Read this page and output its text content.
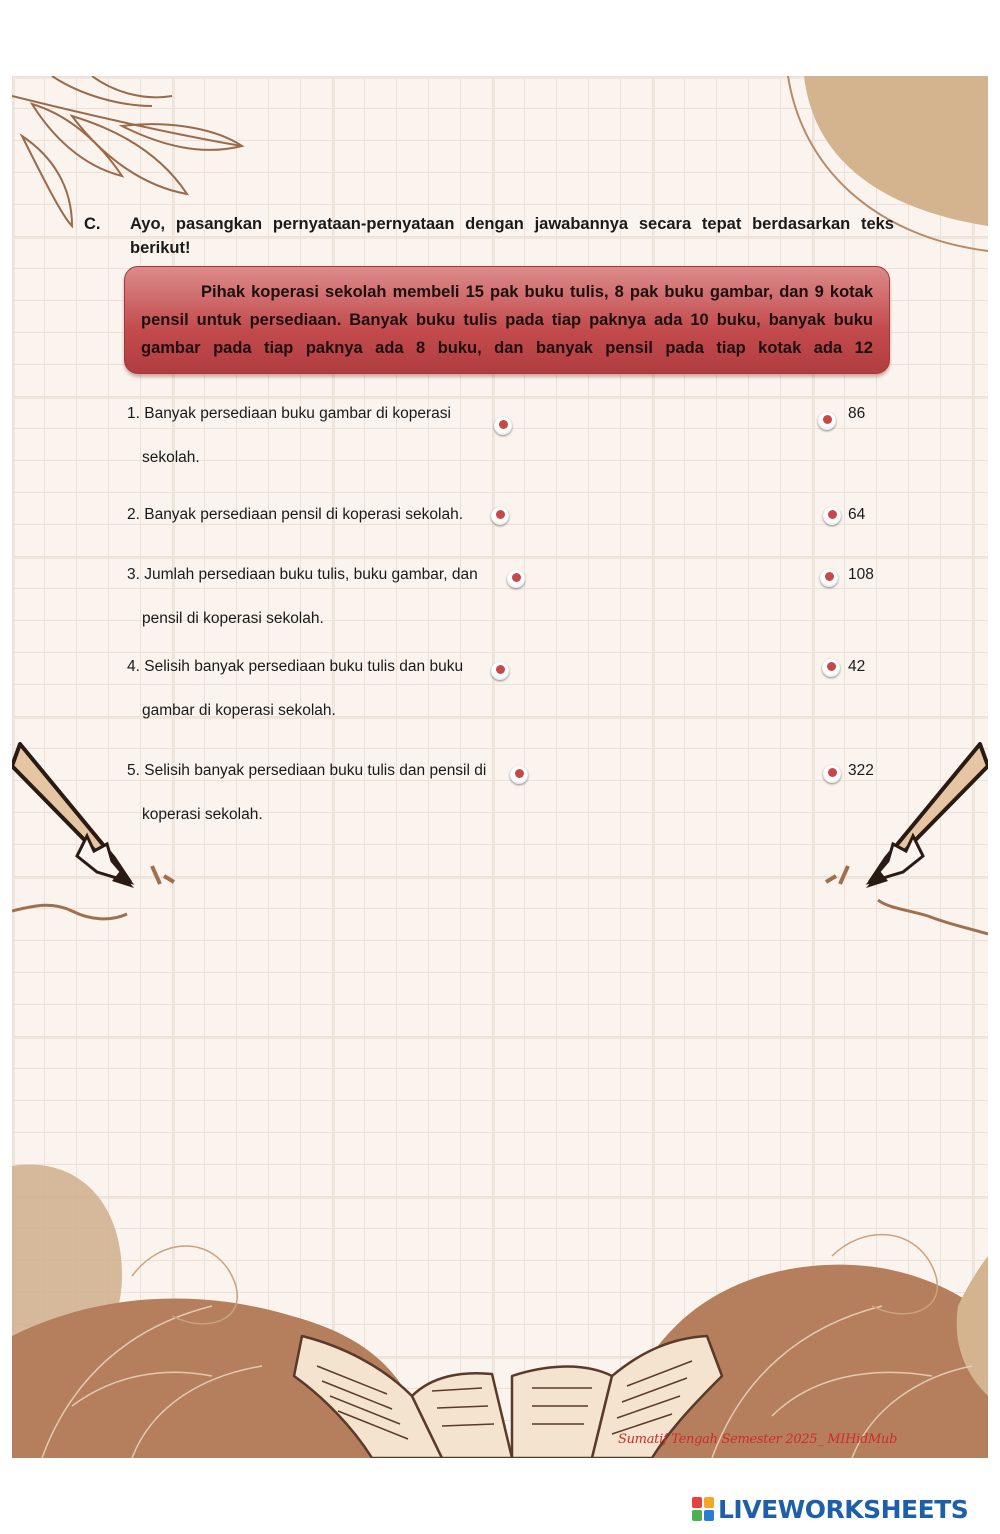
C. Ayo, pasangkan pernyataan-pernyataan dengan jawabannya secara tepat berdasarkan teks berikut!

Pihak koperasi sekolah membeli 15 pak buku tulis, 8 pak buku gambar, dan 9 kotak pensil untuk persediaan. Banyak buku tulis pada tiap paknya ada 10 buku, banyak buku gambar pada tiap paknya ada 8 buku, dan banyak pensil pada tiap kotak ada 12

1. Banyak persediaan buku gambar di koperasi
sekolah.
86
2. Banyak persediaan pensil di koperasi sekolah.	64
3. Jumlah persediaan buku tulis, buku gambar, dan
pensil di koperasi sekolah.
108
4. Selisih banyak persediaan buku tulis dan buku
gambar di koperasi sekolah.
42
5. Selisih banyak persediaan buku tulis dan pensil di
koperasi sekolah.
322
Sumatif Tengah Semester 2025_ MIHidMub
LIVEWORKSHEETS
